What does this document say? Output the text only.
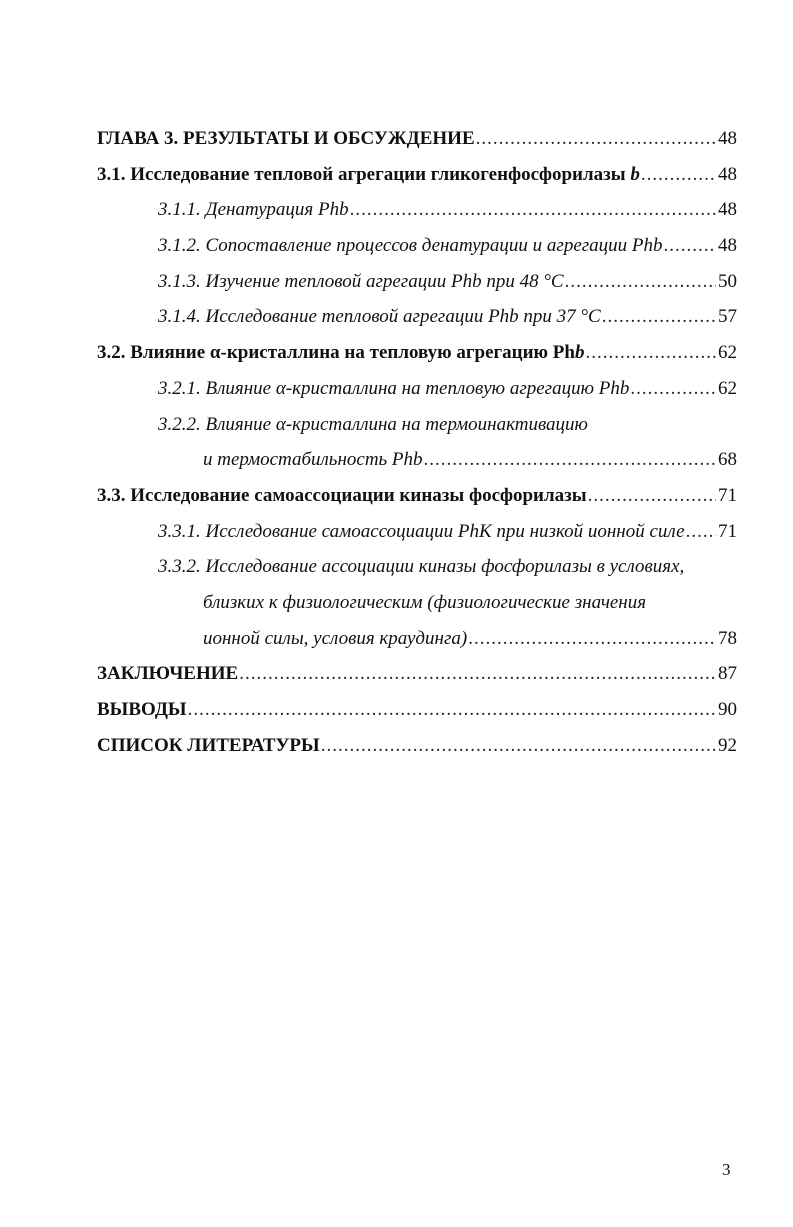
ГЛАВА 3. РЕЗУЛЬТАТЫ И ОБСУЖДЕНИЕ .....	48
3.1. Исследование тепловой агрегации гликогенфосфорилазы b .....	48
3.1.1. Денатурация Phb .....	48
3.1.2. Сопоставление процессов денатурации и агрегации Phb .....	48
3.1.3. Изучение тепловой агрегации Phb при 48 °C .....	50
3.1.4. Исследование тепловой агрегации Phb при 37 °C .....	57
3.2. Влияние α-кристаллина на тепловую агрегацию Phb .....	62
3.2.1. Влияние α-кристаллина на тепловую агрегацию Phb .....	62
3.2.2. Влияние α-кристаллина на термоинактивацию
и термостабильность Phb .....	68
3.3. Исследование самоассоциации киназы фосфорилазы .....	71
3.3.1. Исследование самоассоциации PhK при низкой ионной силе ..... 71
3.3.2. Исследование ассоциации киназы фосфорилазы в условиях,
близких к физиологическим (физиологические значения
ионной силы, условия краудинга) .....	78
ЗАКЛЮЧЕНИЕ .....	87
ВЫВОДЫ .....	90
СПИСОК ЛИТЕРАТУРЫ .....	92
3
